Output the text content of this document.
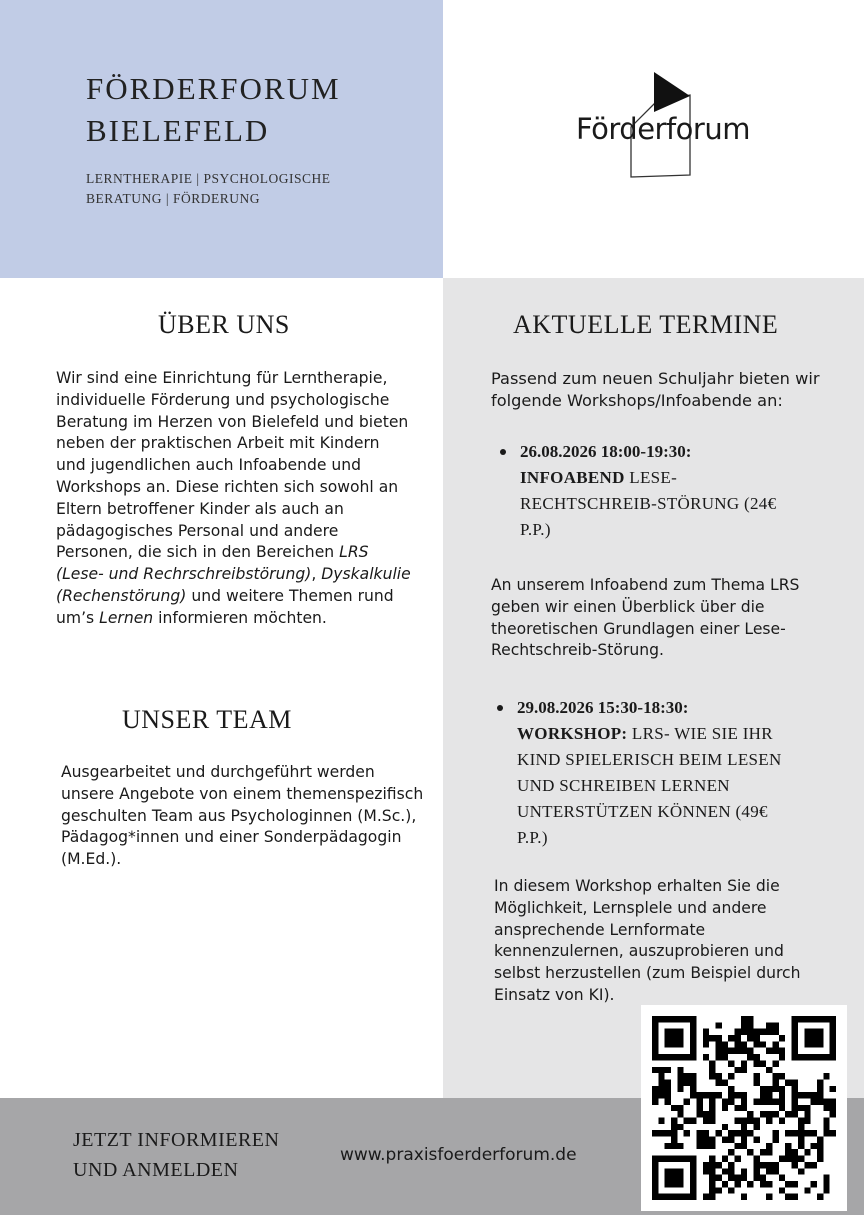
FÖRDERFORUM
BIELEFELD
LERNTHERAPIE | PSYCHOLOGISCHE
BERATUNG | FÖRDERUNG
Förderforum
ÜBER UNS
Wir sind eine Einrichtung für Lerntherapie,
individuelle Förderung und psychologische
Beratung im Herzen von Bielefeld und bieten
neben der praktischen Arbeit mit Kindern
und jugendlichen auch Infoabende und
Workshops an. Diese richten sich sowohl an
Eltern betroffener Kinder als auch an
pädagogisches Personal und andere
Personen, die sich in den Bereichen LRS
(Lese- und Rechrschreibstörung), Dyskalkulie
(Rechenstörung) und weitere Themen rund
um’s Lernen informieren möchten.
UNSER TEAM
Ausgearbeitet und durchgeführt werden
unsere Angebote von einem themenspezifisch
geschulten Team aus Psychologinnen (M.Sc.),
Pädagog*innen und einer Sonderpädagogin
(M.Ed.).
AKTUELLE TERMINE
Passend zum neuen Schuljahr bieten wir
folgende Workshops/Infoabende an:
26.08.2026 18:00-19:30:
INFOABEND LESE-
RECHTSCHREIB-STÖRUNG (24€
P.P.)
An unserem Infoabend zum Thema LRS
geben wir einen Überblick über die
theoretischen Grundlagen einer Lese-
Rechtschreib-Störung.
29.08.2026 15:30-18:30:
WORKSHOP: LRS- WIE SIE IHR
KIND SPIELERISCH BEIM LESEN
UND SCHREIBEN LERNEN
UNTERSTÜTZEN KÖNNEN (49€
P.P.)
In diesem Workshop erhalten Sie die
Möglichkeit, Lernsplele und andere
ansprechende Lernformate
kennenzulernen, auszuprobieren und
selbst herzustellen (zum Beispiel durch
Einsatz von KI).
JETZT INFORMIEREN
UND ANMELDEN
www.praxisfoerderforum.de
